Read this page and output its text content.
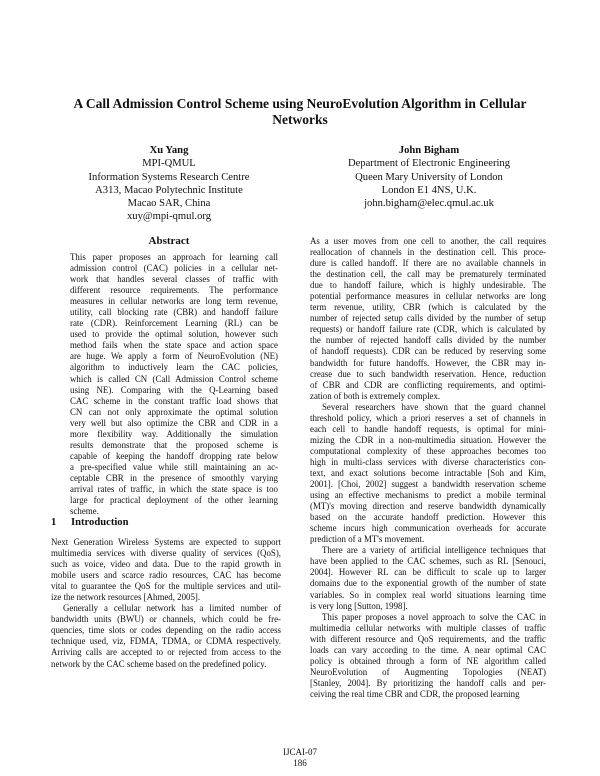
A Call Admission Control Scheme using NeuroEvolution Algorithm in Cellular
Networks
Xu Yang
MPI-QMUL
Information Systems Research Centre
A313, Macao Polytechnic Institute
Macao SAR, China
xuy@mpi-qmul.org
John Bigham
Department of Electronic Engineering
Queen Mary University of London
London E1 4NS, U.K.
john.bigham@elec.qmul.ac.uk
Abstract
This paper proposes an approach for learning call
admission control (CAC) policies in a cellular net-
work that handles several classes of traffic with
different resource requirements. The performance
measures in cellular networks are long term revenue,
utility, call blocking rate (CBR) and handoff failure
rate (CDR). Reinforcement Learning (RL) can be
used to provide the optimal solution, however such
method fails when the state space and action space
are huge. We apply a form of NeuroEvolution (NE)
algorithm to inductively learn the CAC policies,
which is called CN (Call Admission Control scheme
using NE). Comparing with the Q-Learning based
CAC scheme in the constant traffic load shows that
CN can not only approximate the optimal solution
very well but also optimize the CBR and CDR in a
more flexibility way. Additionally the simulation
results demonstrate that the proposed scheme is
capable of keeping the handoff dropping rate below
a pre-specified value while still maintaining an ac-
ceptable CBR in the presence of smoothly varying
arrival rates of traffic, in which the state space is too
large for practical deployment of the other learning
scheme.
1 Introduction
Next Generation Wireless Systems are expected to support
multimedia services with diverse quality of services (QoS),
such as voice, video and data. Due to the rapid growth in
mobile users and scarce radio resources, CAC has become
vital to guarantee the QoS for the multiple services and util-
ize the network resources [Ahmed, 2005].
Generally a cellular network has a limited number of
bandwidth units (BWU) or channels, which could be fre-
quencies, time slots or codes depending on the radio access
technique used, viz, FDMA, TDMA, or CDMA respectively.
Arriving calls are accepted to or rejected from access to the
network by the CAC scheme based on the predefined policy.
As a user moves from one cell to another, the call requires
reallocation of channels in the destination cell. This proce-
dure is called handoff. If there are no available channels in
the destination cell, the call may be prematurely terminated
due to handoff failure, which is highly undesirable. The
potential performance measures in cellular networks are long
term revenue, utility, CBR (which is calculated by the
number of rejected setup calls divided by the number of setup
requests) or handoff failure rate (CDR, which is calculated by
the number of rejected handoff calls divided by the number
of handoff requests). CDR can be reduced by reserving some
bandwidth for future handoffs. However, the CBR may in-
crease due to such bandwidth reservation. Hence, reduction
of CBR and CDR are conflicting requirements, and optimi-
zation of both is extremely complex.
Several researchers have shown that the guard channel
threshold policy, which a priori reserves a set of channels in
each cell to handle handoff requests, is optimal for mini-
mizing the CDR in a non-multimedia situation. However the
computational complexity of these approaches becomes too
high in multi-class services with diverse characteristics con-
text, and exact solutions become intractable [Soh and Kim,
2001]. [Choi, 2002] suggest a bandwidth reservation scheme
using an effective mechanisms to predict a mobile terminal
(MT)'s moving direction and reserve bandwidth dynamically
based on the accurate handoff prediction. However this
scheme incurs high communication overheads for accurate
prediction of a MT's movement.
There are a variety of artificial intelligence techniques that
have been applied to the CAC schemes, such as RL [Senouci,
2004]. However RL can be difficult to scale up to larger
domains due to the exponential growth of the number of state
variables. So in complex real world situations learning time
is very long [Sutton, 1998].
This paper proposes a novel approach to solve the CAC in
multimedia cellular networks with multiple classes of traffic
with different resource and QoS requirements, and the traffic
loads can vary according to the time. A near optimal CAC
policy is obtained through a form of NE algorithm called
NeuroEvolution of Augmenting Topologies (NEAT)
[Stanley, 2004]. By prioritizing the handoff calls and per-
ceiving the real time CBR and CDR, the proposed learning
IJCAI-07
186
